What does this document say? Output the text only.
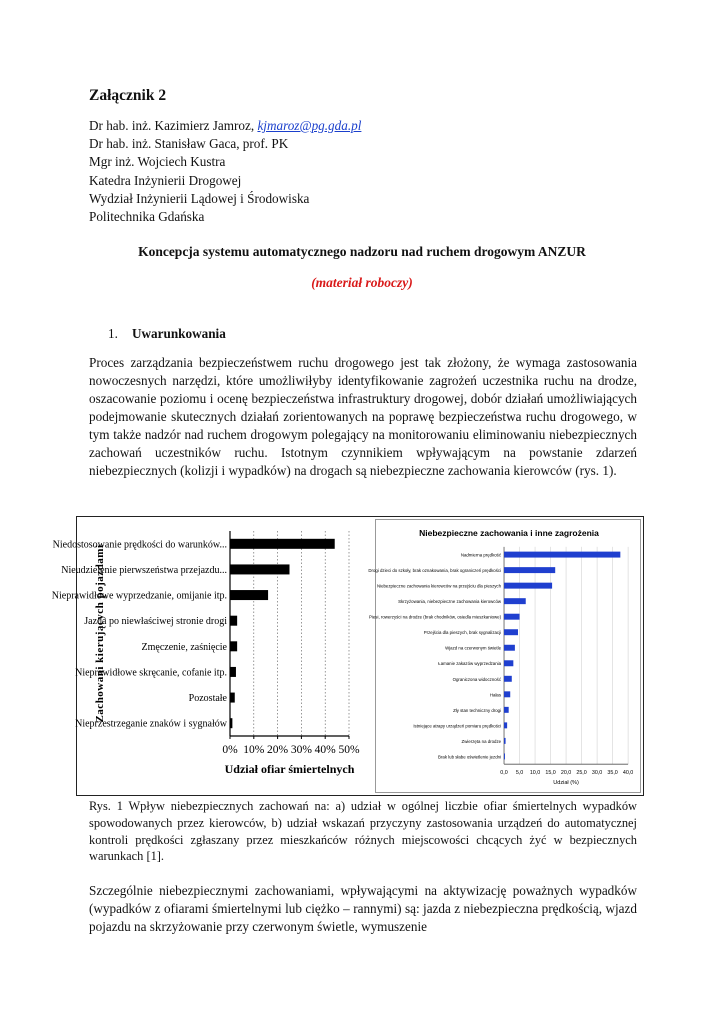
Załącznik 2
Dr hab. inż. Kazimierz Jamroz, kjmaroz@pg.gda.pl
Dr hab. inż. Stanisław Gaca, prof. PK
Mgr inż. Wojciech Kustra
Katedra Inżynierii Drogowej
Wydział Inżynierii Lądowej i Środowiska
Politechnika Gdańska
Koncepcja systemu automatycznego nadzoru nad ruchem drogowym ANZUR
(materiał roboczy)
1. Uwarunkowania
Proces zarządzania bezpieczeństwem ruchu drogowego jest tak złożony, że wymaga zastosowania nowoczesnych narzędzi, które umożliwiłyby identyfikowanie zagrożeń uczestnika ruchu na drodze, oszacowanie poziomu i ocenę bezpieczeństwa infrastruktury drogowej, dobór działań umożliwiających podejmowanie skutecznych działań zorientowanych na poprawę bezpieczeństwa ruchu drogowego, w tym także nadzór nad ruchem drogowym polegający na monitorowaniu eliminowaniu niebezpiecznych zachowań uczestników ruchu. Istotnym czynnikiem wpływającym na powstanie zdarzeń niebezpiecznych (kolizji i wypadków) na drogach są niebezpieczne zachowania kierowców (rys. 1).
0% 10% 20% 30% 40% 50%
Niedostosowanie prędkości do warunków...
Nieudzielenie pierwszeństwa przejazdu...
Nieprawidłowe wyprzedzanie, omijanie itp.
Jazda po niewłaściwej stronie drogi
Zmęczenie, zaśnięcie
Nieprawidłowe skręcanie, cofanie itp.
Pozostałe
Nieprzestrzeganie znaków i sygnałów
Udział ofiar śmiertelnych
Zachowani kierujących pojazdami
Niebezpieczne zachowania i inne zagrożenia
0,0 5,0 10,0 15,0 20,0 25,0 30,0 35,0 40,0
Nadmierna prędkość
Drogi dzieci do szkoły, brak oznakowania, brak ograniczeń prędkości
Niebezpieczne zachowania kierowców na przejściu dla pieszych
Skrzyżowania, niebezpieczne zachowania kierowców
Piesi, rowerzyści na drodze (brak chodników, osiedla mieszkaniowe)
Przejścia dla pieszych, brak sygnalizacji
Wjazd na czerwonym świetle
Łamanie zakazów wyprzedzania
Ograniczona widoczność
Hałas
Zły stan techniczny drogi
Istniejące atrapy urządzeń pomiaru prędkości
Zwierzęta na drodze
Brak lub słabe oświetlenie jezdni
Udział (%)
Rys. 1 Wpływ niebezpiecznych zachowań na: a) udział w ogólnej liczbie ofiar śmiertelnych wypadków spowodowanych przez kierowców, b) udział wskazań przyczyny zastosowania urządzeń do automatycznej kontroli prędkości zgłaszany przez mieszkańców różnych miejscowości chcących żyć w bezpiecznych warunkach [1].
Szczególnie niebezpiecznymi zachowaniami, wpływającymi na aktywizację poważnych wypadków (wypadków z ofiarami śmiertelnymi lub ciężko – rannymi) są: jazda z niebezpieczna prędkością, wjazd pojazdu na skrzyżowanie przy czerwonym świetle, wymuszenie
